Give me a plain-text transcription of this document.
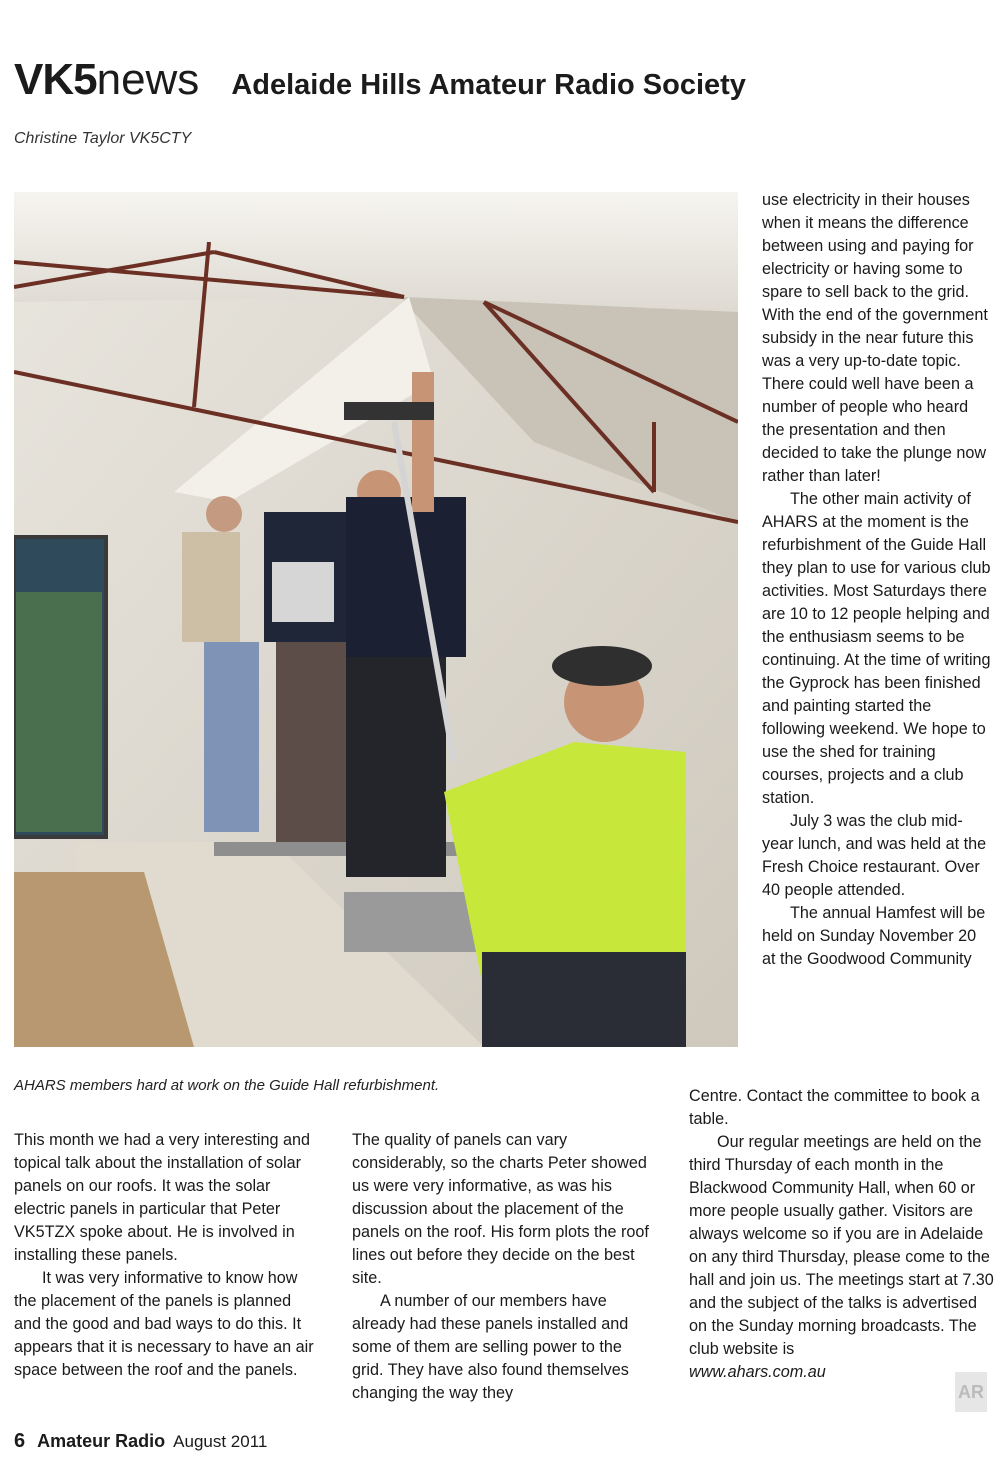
VK5news Adelaide Hills Amateur Radio Society
Christine Taylor VK5CTY
AHARS members hard at work on the Guide Hall refurbishment.

use electricity in their houses when it means the difference between using and paying for electricity or having some to spare to sell back to the grid. With the end of the government subsidy in the near future this was a very up-to-date topic. There could well have been a number of people who heard the presentation and then decided to take the plunge now rather than later!

The other main activity of AHARS at the moment is the refurbishment of the Guide Hall they plan to use for various club activities. Most Saturdays there are 10 to 12 people helping and the enthusiasm seems to be continuing. At the time of writing the Gyprock has been finished and painting started the following weekend. We hope to use the shed for training courses, projects and a club station.

July 3 was the club mid-year lunch, and was held at the Fresh Choice restaurant. Over 40 people attended.

The annual Hamfest will be held on Sunday November 20 at the Goodwood Community

Centre. Contact the committee to book a table.

Our regular meetings are held on the third Thursday of each month in the Blackwood Community Hall, when 60 or more people usually gather. Visitors are always welcome so if you are in Adelaide on any third Thursday, please come to the hall and join us. The meetings start at 7.30 and the subject of the talks is advertised on the Sunday morning broadcasts. The club website is

www.ahars.com.au

This month we had a very interesting and topical talk about the installation of solar panels on our roofs. It was the solar electric panels in particular that Peter VK5TZX spoke about. He is involved in installing these panels.

It was very informative to know how the placement of the panels is planned and the good and bad ways to do this. It appears that it is necessary to have an air space between the roof and the panels.

The quality of panels can vary considerably, so the charts Peter showed us were very informative, as was his discussion about the placement of the panels on the roof. His form plots the roof lines out before they decide on the best site.

A number of our members have already had these panels installed and some of them are selling power to the grid. They have also found themselves changing the way they	AR
6 Amateur Radio August 2011
